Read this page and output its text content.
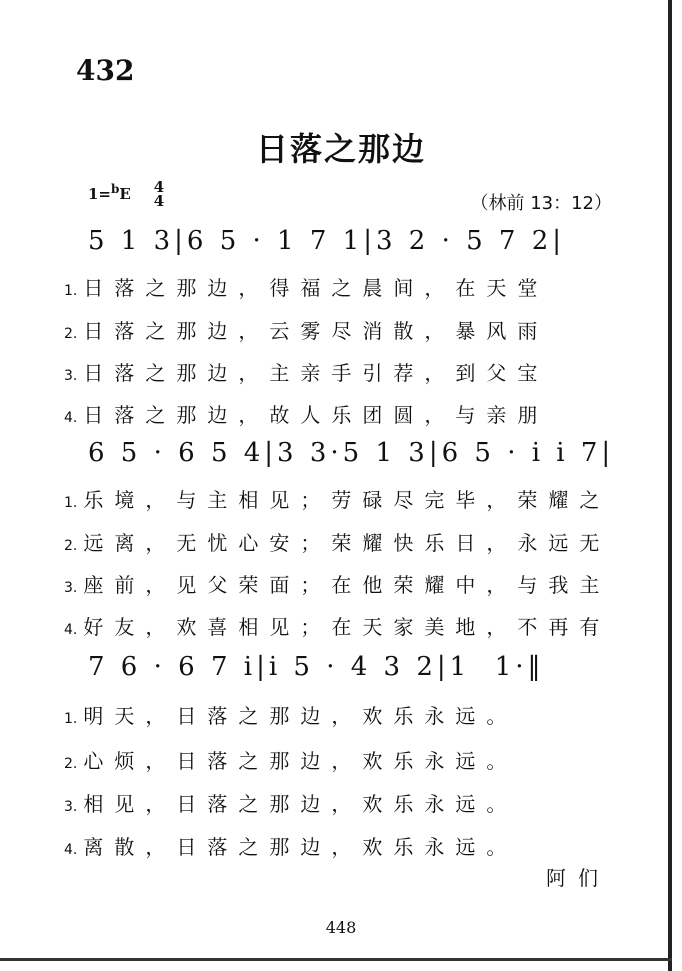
432
日落之那边
1=$^b$E 4
4	（林前 13：12）
5 1 3|6 5 · 1 7 1|3 2 · 5 7 2|
1. 日落之那边，得福之晨间，在天堂
2. 日落之那边，云雾尽消散，暴风雨
3. 日落之那边，主亲手引荐，到父宝
4. 日落之那边，故人乐团圆，与亲朋
6 5 · 6 5 4|3 3·5 1 3|6 5 · i i 7|
1. 乐境，与主相见；劳碌尽完毕，荣耀之
2. 远离，无忧心安；荣耀快乐日，永远无
3. 座前，见父荣面；在他荣耀中，与我主
4. 好友，欢喜相见；在天家美地，不再有
7 6 · 6 7 i|i 5 · 4 3 2|1  1·‖
1. 明天，日落之那边，欢乐永远。
2. 心烦，日落之那边，欢乐永远。
3. 相见，日落之那边，欢乐永远。
4. 离散，日落之那边，欢乐永远。
阿们
448
